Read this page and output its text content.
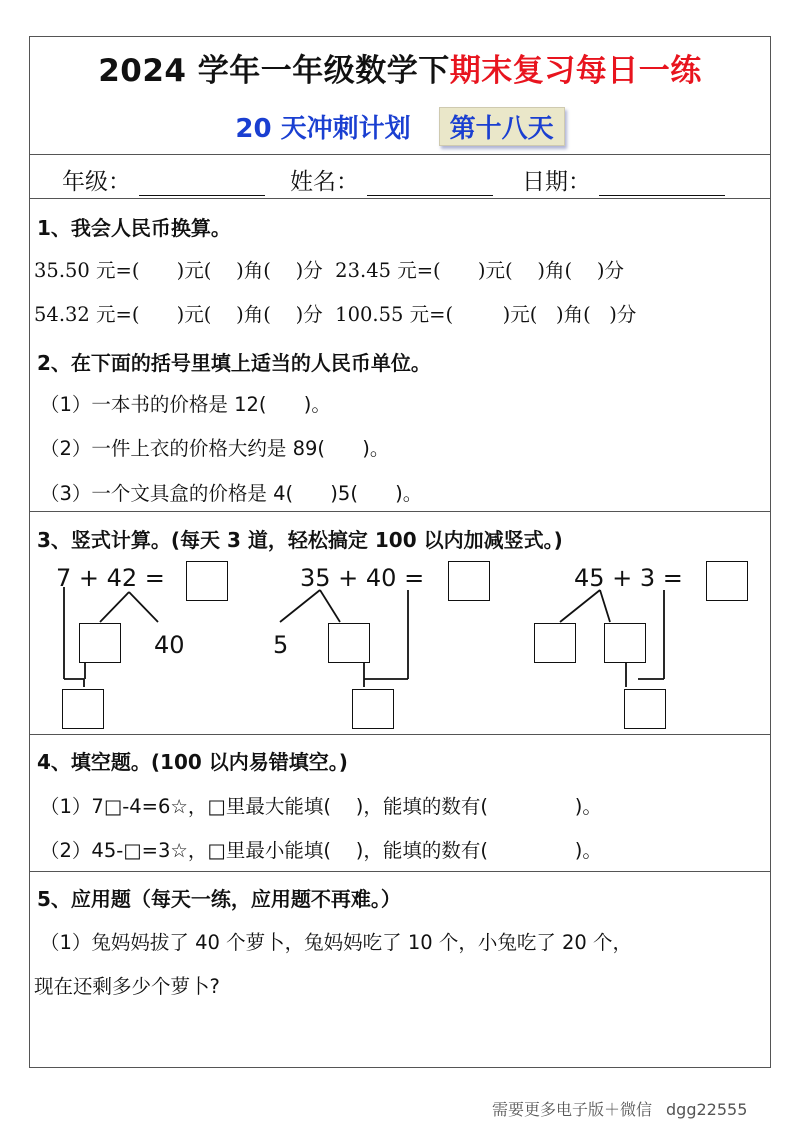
2024 学年一年级数学下期末复习每日一练
20 天冲刺计划 第十八天
年级：	姓名：	日期：
1、我会人民币换算。
35.50 元=(      )元(    )角(    )分  23.45 元=(      )元(    )角(    )分
54.32 元=(      )元(    )角(    )分  100.55 元=(        )元(   )角(   )分
2、在下面的括号里填上适当的人民币单位。
（1）一本书的价格是 12(      )。
（2）一件上衣的价格大约是 89(      )。
（3）一个文具盒的价格是 4(      )5(      )。
3、竖式计算。(每天 3 道，轻松搞定 100 以内加减竖式。)
7 + 42 =
40
35 + 40 =
5
45 + 3 =
4、填空题。(100 以内易错填空。)
（1）7□-4=6☆，□里最大能填(    )，能填的数有(              )。
（2）45-□=3☆，□里最小能填(    )，能填的数有(              )。
5、应用题（每天一练，应用题不再难。）
（1）兔妈妈拔了 40 个萝卜，兔妈妈吃了 10 个，小兔吃了 20 个，
现在还剩多少个萝卜?
需要更多电子版＋微信 dgg22555
